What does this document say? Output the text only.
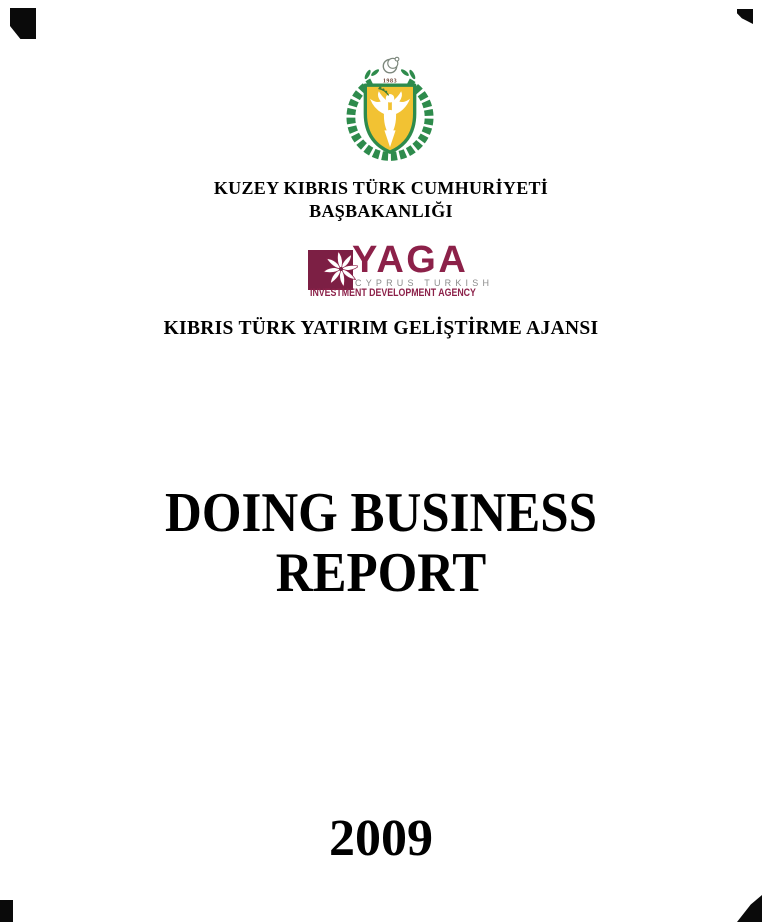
1983
KUZEY KIBRIS TÜRK CUMHURİYETİ
BAŞBAKANLIĞI
YAGA
CYPRUS TURKISH
INVESTMENT DEVELOPMENT AGENCY
KIBRIS TÜRK YATIRIM GELİŞTİRME AJANSI
DOING BUSINESS
REPORT
2009
